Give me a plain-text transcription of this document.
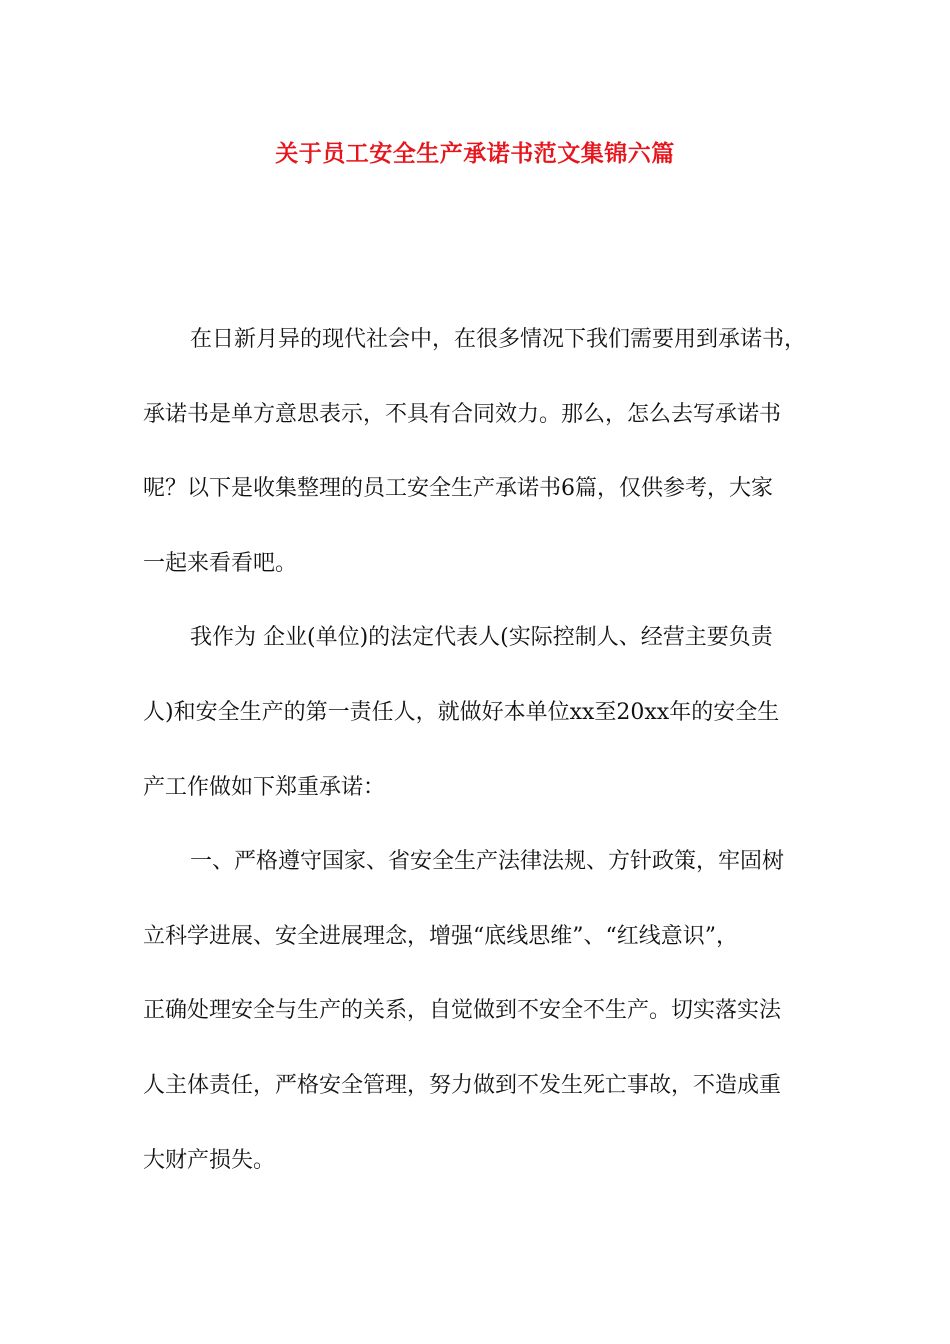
关于员工安全生产承诺书范文集锦六篇
在日新月异的现代社会中，在很多情况下我们需要用到承诺书，
承诺书是单方意思表示，不具有合同效力。那么，怎么去写承诺书
呢？以下是收集整理的员工安全生产承诺书6篇，仅供参考，大家
一起来看看吧。
我作为 企业(单位)的法定代表人(实际控制人、经营主要负责
人)和安全生产的第一责任人，就做好本单位xx至20xx年的安全生
产工作做如下郑重承诺：
一、严格遵守国家、省安全生产法律法规、方针政策，牢固树
立科学进展、安全进展理念，增强“底线思维”、“红线意识”，
正确处理安全与生产的关系，自觉做到不安全不生产。切实落实法
人主体责任，严格安全管理，努力做到不发生死亡事故，不造成重
大财产损失。
